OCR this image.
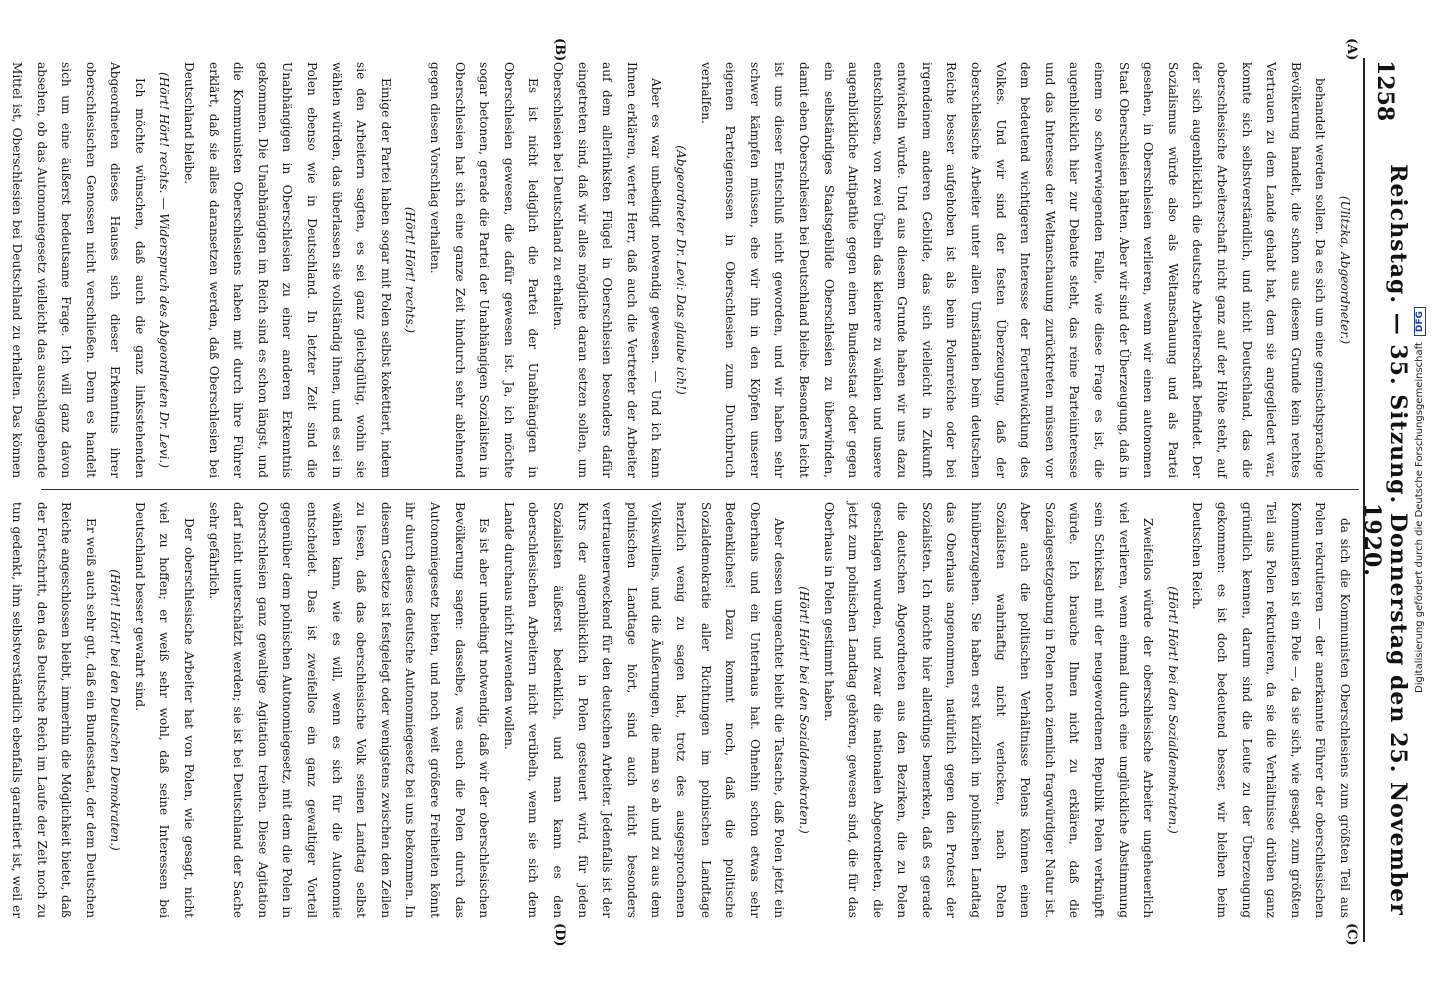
1258
Reichstag. — 35. Sitzung. Donnerstag den 25. November 1920.
(A)
(B)
(C)
(D)

(Ulitzka, Abgeordneter.)

behandelt werden sollen. Da es sich um eine gemischtsprachige Bevölkerung handelt, die schon aus diesem Grunde kein rechtes Vertrauen zu dem Lande gehabt hat, dem sie angegliedert war, konnte sich selbstverständlich, und nicht Deutschland, das die oberschlesische Arbeiterschaft nicht ganz auf der Höhe steht, auf der sich augenblicklich die deutsche Arbeiterschaft befindet. Der Sozialismus würde also als Weltanschauung und als Partei gesehen, in Oberschlesien verlieren, wenn wir einen autonomen Staat Oberschlesien hätten. Aber wir sind der Überzeugung, daß in einem so schwerwiegenden Falle, wie diese Frage es ist, die augenblicklich hier zur Debatte steht, das reine Parteiinteresse und das Interesse der Weltanschauung zurücktreten müssen vor dem bedeutend wichtigeren Interesse der Fortentwicklung des Volkes. Und wir sind der festen Überzeugung, daß der oberschlesische Arbeiter unter allen Umständen beim deutschen Reiche besser aufgehoben ist als beim Polenreiche oder bei irgendeinem anderen Gebilde, das sich vielleicht in Zukunft entwickeln würde. Und aus diesem Grunde haben wir uns dazu entschlossen, von zwei Übeln das kleinere zu wählen und unsere augenblickliche Antipathie gegen einen Bundesstaat oder gegen ein selbständiges Staatsgebilde Oberschlesien zu überwinden, damit eben Oberschlesien bei Deutschland bleibe. Besonders leicht ist uns dieser Entschluß nicht geworden, und wir haben sehr schwer kämpfen müssen, ehe wir ihn in den Köpfen unserer eigenen Parteigenossen in Oberschlesien zum Durchbruch verhalfen.

(Abgeordneter Dr. Levi: Das glaube ich!)

Aber es war unbedingt notwendig gewesen. — Und ich kann Ihnen erklären, werter Herr, daß auch die Vertreter der Arbeiter auf dem allerlinksten Flügel in Oberschlesien besonders dafür eingetreten sind, daß wir alles mögliche daran setzen sollen, um Oberschlesien bei Deutschland zu erhalten.

Es ist nicht lediglich die Partei der Unabhängigen in Oberschlesien gewesen, die dafür gewesen ist. Ja, ich möchte sogar betonen, gerade die Partei der Unabhängigen Sozialisten in Oberschlesien hat sich eine ganze Zeit hindurch sehr ablehnend gegen diesen Vorschlag verhalten.

(Hört! Hört! rechts.)

Einige der Partei haben sogar mit Polen selbst kokettiert, indem sie den Arbeitern sagten, es sei ganz gleichgültig, wohin sie wählen würden, das überlassen sie vollständig ihnen, und es sei in Polen ebenso wie in Deutschland. In letzter Zeit sind die Unabhängigen in Oberschlesien zu einer anderen Erkenntnis gekommen. Die Unabhängigen im Reich sind es schon längst, und die Kommunisten Oberschlesiens haben mit durch ihre Führer erklärt, daß sie alles daransetzen werden, daß Oberschlesien bei Deutschland bleibe.

(Hört! Hört! rechts. — Widerspruch des Abgeordneten Dr. Levi.)

Ich möchte wünschen, daß auch die ganz linksstehenden Abgeordneten dieses Hauses sich dieser Erkenntnis ihrer oberschlesischen Genossen nicht verschließen. Denn es handelt sich um eine äußerst bedeutsame Frage. Ich will ganz davon absehen, ob das Autonomiegesetz vielleicht das ausschlaggebende Mittel ist, Oberschlesien bei Deutschland zu erhalten. Das können

da sich die Kommunisten Oberschlesiens zum größten Teil aus Polen rekrutieren — der anerkannte Führer der oberschlesischen Kommunisten ist ein Pole —, da sie sich, wie gesagt, zum größten Teil aus Polen rekrutieren, da sie die Verhältnisse drüben ganz gründlich kennen, darum sind die Leute zu der Überzeugung gekommen: es ist doch bedeutend besser, wir bleiben beim Deutschen Reich.

(Hört! Hört! bei den Sozialdemokraten.)

Zweifellos würde der oberschlesische Arbeiter ungeheuerlich viel verlieren, wenn einmal durch eine unglückliche Abstimmung sein Schicksal mit der neugewordenen Republik Polen verknüpft würde. Ich brauche Ihnen nicht zu erklären, daß die Sozialgesetzgebung in Polen noch ziemlich fragwürdiger Natur ist. Aber auch die politischen Verhältnisse Polens können einen Sozialisten wahrhaftig nicht verlocken, nach Polen hinüberzugehen. Sie haben erst kürzlich im polnischen Landtag das Oberhaus angenommen, natürlich gegen den Protest der Sozialisten. Ich möchte hier allerdings bemerken, daß es gerade die deutschen Abgeordneten aus den Bezirken, die zu Polen geschlagen wurden, und zwar die nationalen Abgeordneten, die jetzt zum polnischen Landtag gehören, gewesen sind, die für das Oberhaus in Polen gestimmt haben.

(Hört! Hört! bei den Sozialdemokraten.)

Aber dessen ungeachtet bleibt die Tatsache, daß Polen jetzt ein Oberhaus und ein Unterhaus hat. Ohnehin schon etwas sehr Bedenkliches! Dazu kommt noch, daß die politische Sozialdemokratie aller Richtungen im polnischen Landtage herzlich wenig zu sagen hat, trotz des ausgesprochenen Volkswillens, und die Äußerungen, die man so ab und zu aus dem polnischen Landtage hört, sind auch nicht besonders vertrauenerweckend für den deutschen Arbeiter. Jedenfalls ist der Kurs der augenblicklich in Polen gesteuert wird, für jeden Sozialisten äußerst bedenklich, und man kann es den oberschlesischen Arbeitern nicht verübeln, wenn sie sich dem Lande durchaus nicht zuwenden wollen.

Es ist aber unbedingt notwendig, daß wir der oberschlesischen Bevölkerung sagen: dasselbe, was euch die Polen durch das Autonomiegesetz bieten, und noch weit größere Freiheiten könnt ihr durch dieses deutsche Autonomiegesetz bei uns bekommen. In diesem Gesetze ist festgelegt oder wenigstens zwischen den Zeilen zu lesen, daß das oberschlesische Volk seinen Landtag selbst wählen kann, wie es will, wenn es sich für die Autonomie entscheidet. Das ist zweifellos ein ganz gewaltiger Vorteil gegenüber dem polnischen Autonomiegesetz, mit dem die Polen in Oberschlesien ganz gewaltige Agitation treiben. Diese Agitation darf nicht unterschätzt werden; sie ist bei Deutschland der Sache sehr gefährlich.

Der oberschlesische Arbeiter hat von Polen, wie gesagt, nicht viel zu hoffen; er weiß sehr wohl, daß seine Interessen bei Deutschland besser gewahrt sind.

(Hört! Hört! bei den Deutschen Demokraten.)

Er weiß auch sehr gut, daß ein Bundesstaat, der dem Deutschen Reiche angeschlossen bleibt, immerhin die Möglichkeit bietet, daß der Fortschritt, den das Deutsche Reich im Laufe der Zeit noch zu tun gedenkt, ihm selbstverständlich ebenfalls garantiert ist, weil er

Digitalisierung gefördert durch die Deutsche ForschungsgemeinschaftDFG
